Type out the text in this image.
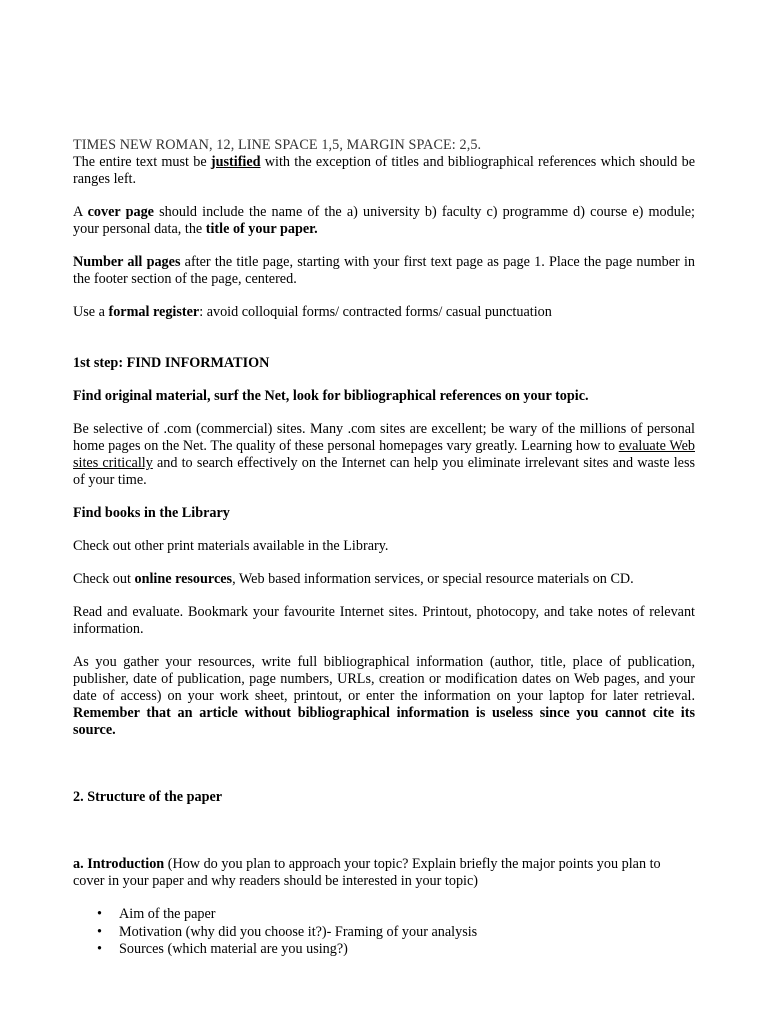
TIMES NEW ROMAN, 12, LINE SPACE 1,5, MARGIN SPACE: 2,5.

The entire text must be justified with the exception of titles and bibliographical references which should be ranges left.

A cover page should include the name of the a) university b) faculty c) programme d) course e) module; your personal data, the title of your paper.

Number all pages after the title page, starting with your first text page as page 1. Place the page number in the footer section of the page, centered.

Use a formal register: avoid colloquial forms/ contracted forms/ casual punctuation

1st step: FIND INFORMATION

Find original material, surf the Net, look for bibliographical references on your topic.

Be selective of .com (commercial) sites. Many .com sites are excellent; be wary of the millions of personal home pages on the Net. The quality of these personal homepages vary greatly. Learning how to evaluate Web sites critically and to search effectively on the Internet can help you eliminate irrelevant sites and waste less of your time.

Find books in the Library

Check out other print materials available in the Library.

Check out online resources, Web based information services, or special resource materials on CD.

Read and evaluate. Bookmark your favourite Internet sites. Printout, photocopy, and take notes of relevant information.

As you gather your resources, write full bibliographical information (author, title, place of publication, publisher, date of publication, page numbers, URLs, creation or modification dates on Web pages, and your date of access) on your work sheet, printout, or enter the information on your laptop for later retrieval. Remember that an article without bibliographical information is useless since you cannot cite its source.

2. Structure of the paper

a. Introduction (How do you plan to approach your topic? Explain briefly the major points you plan to cover in your paper and why readers should be interested in your topic)

• Aim of the paper
• Motivation (why did you choose it?)- Framing of your analysis
• Sources (which material are you using?)
